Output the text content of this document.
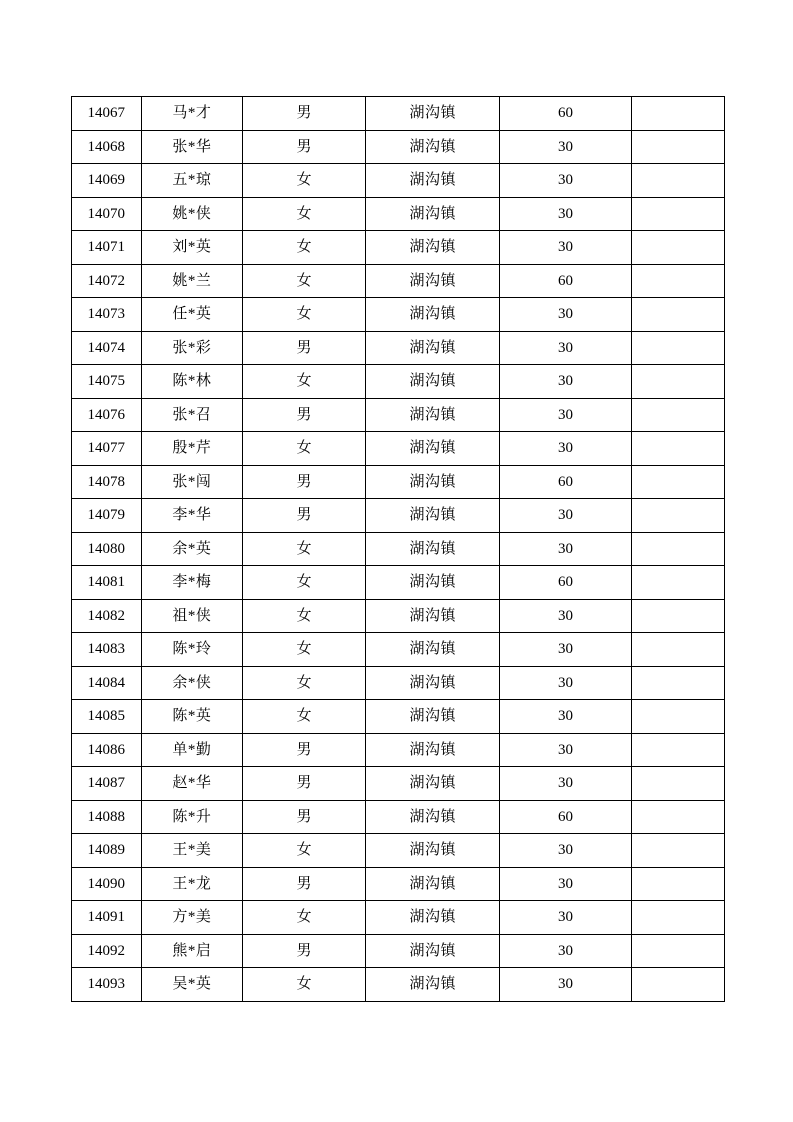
14067	马*才	男	湖沟镇	60	
14068	张*华	男	湖沟镇	30	
14069	五*琼	女	湖沟镇	30	
14070	姚*侠	女	湖沟镇	30	
14071	刘*英	女	湖沟镇	30	
14072	姚*兰	女	湖沟镇	60	
14073	任*英	女	湖沟镇	30	
14074	张*彩	男	湖沟镇	30	
14075	陈*林	女	湖沟镇	30	
14076	张*召	男	湖沟镇	30	
14077	殷*芹	女	湖沟镇	30	
14078	张*闯	男	湖沟镇	60	
14079	李*华	男	湖沟镇	30	
14080	余*英	女	湖沟镇	30	
14081	李*梅	女	湖沟镇	60	
14082	祖*侠	女	湖沟镇	30	
14083	陈*玲	女	湖沟镇	30	
14084	余*侠	女	湖沟镇	30	
14085	陈*英	女	湖沟镇	30	
14086	单*勤	男	湖沟镇	30	
14087	赵*华	男	湖沟镇	30	
14088	陈*升	男	湖沟镇	60	
14089	王*美	女	湖沟镇	30	
14090	王*龙	男	湖沟镇	30	
14091	方*美	女	湖沟镇	30	
14092	熊*启	男	湖沟镇	30	
14093	吴*英	女	湖沟镇	30	
